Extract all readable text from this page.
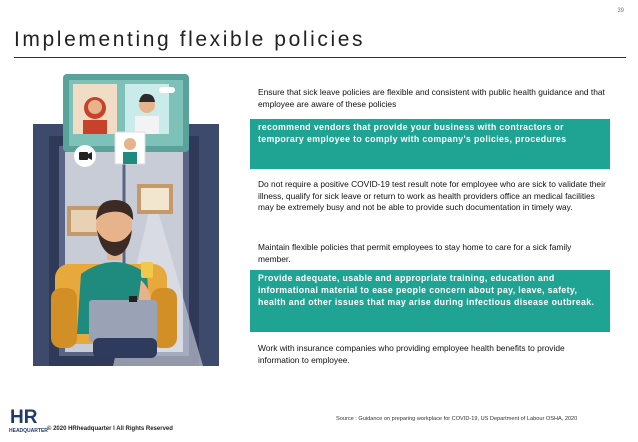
39
Implementing flexible policies
Ensure that sick leave policies are flexible and consistent with public health guidance and that employee are aware of these policies
recommend vendors that provide your business with contractors or temporary employee to comply with company's policies, procedures
Do not require a positive COVID-19 test result note for employee who are sick to validate their illness, qualify for sick leave or return to work as health providers office an medical facilities may be extremely busy and not be able to provide such documentation in timely way.
Maintain flexible policies that permit employees to stay home to care for a sick family member.
Provide adequate, usable and appropriate training, education and informational material to ease people concern about pay, leave, safety, health and other issues that may arise during infectious disease outbreak.
Work with insurance companies who providing employee health benefits to provide information to employee.
HR
HEADQUARTER © 2020 HRheadquarter l All Rights Reserved
Source : Guidance on preparing workplace for COVID-19, US Department of Labour OSHA, 2020
